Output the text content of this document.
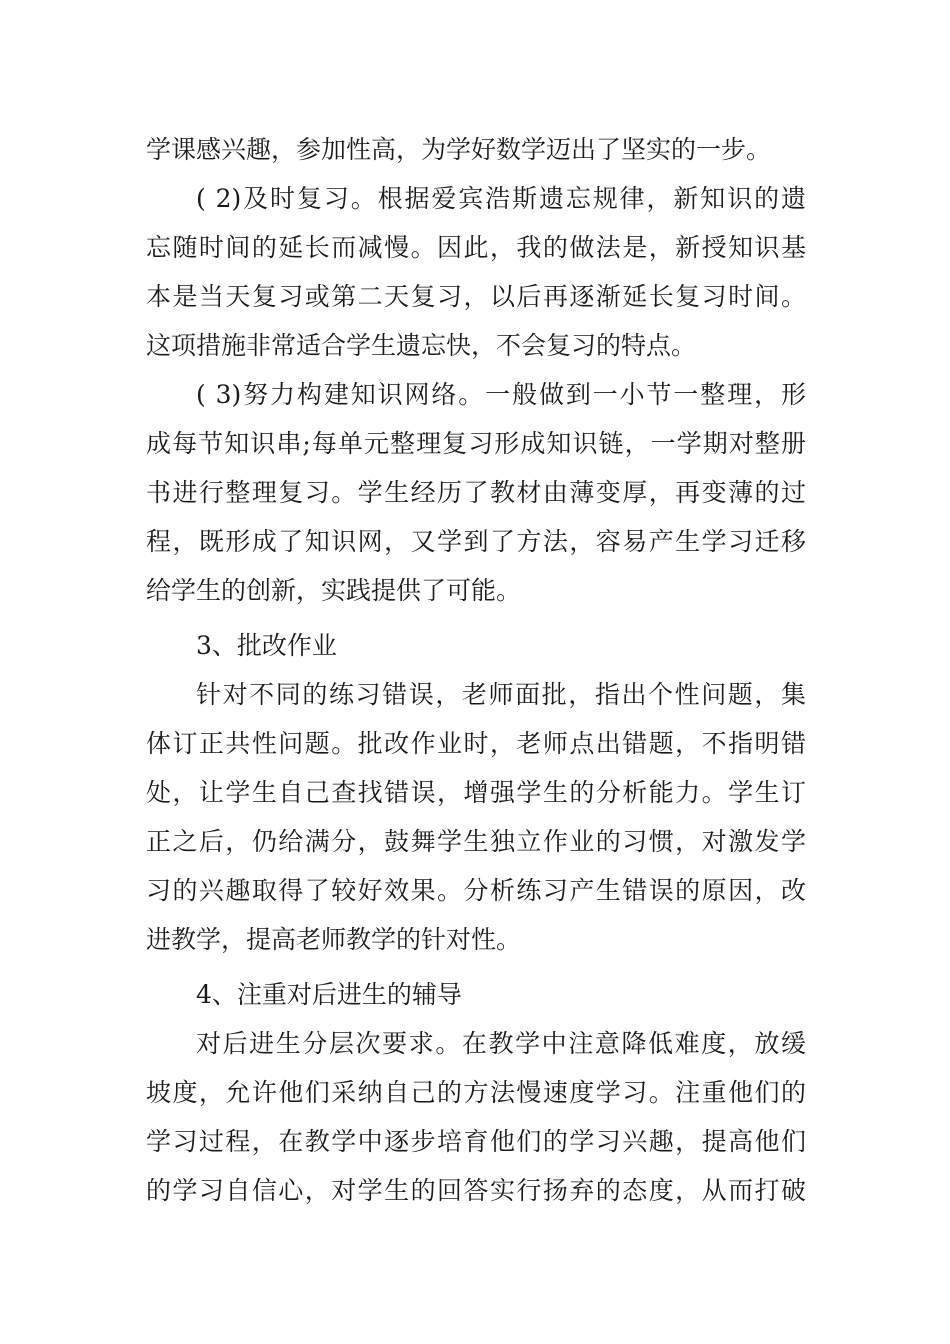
学课感兴趣，参加性高，为学好数学迈出了坚实的一步。
( 2)及时复习。根据爱宾浩斯遗忘规律，新知识的遗
忘随时间的延长而减慢。因此，我的做法是，新授知识基
本是当天复习或第二天复习，以后再逐渐延长复习时间。
这项措施非常适合学生遗忘快，不会复习的特点。
( 3)努力构建知识网络。一般做到一小节一整理，形
成每节知识串;每单元整理复习形成知识链，一学期对整册
书进行整理复习。学生经历了教材由薄变厚，再变薄的过
程，既形成了知识网，又学到了方法，容易产生学习迁移
给学生的创新，实践提供了可能。
3、批改作业
针对不同的练习错误，老师面批，指出个性问题，集
体订正共性问题。批改作业时，老师点出错题，不指明错
处，让学生自己查找错误，增强学生的分析能力。学生订
正之后，仍给满分，鼓舞学生独立作业的习惯，对激发学
习的兴趣取得了较好效果。分析练习产生错误的原因，改
进教学，提高老师教学的针对性。
4、注重对后进生的辅导
对后进生分层次要求。在教学中注意降低难度，放缓
坡度，允许他们采纳自己的方法慢速度学习。注重他们的
学习过程，在教学中逐步培育他们的学习兴趣，提高他们
的学习自信心，对学生的回答实行扬弃的态度，从而打破
